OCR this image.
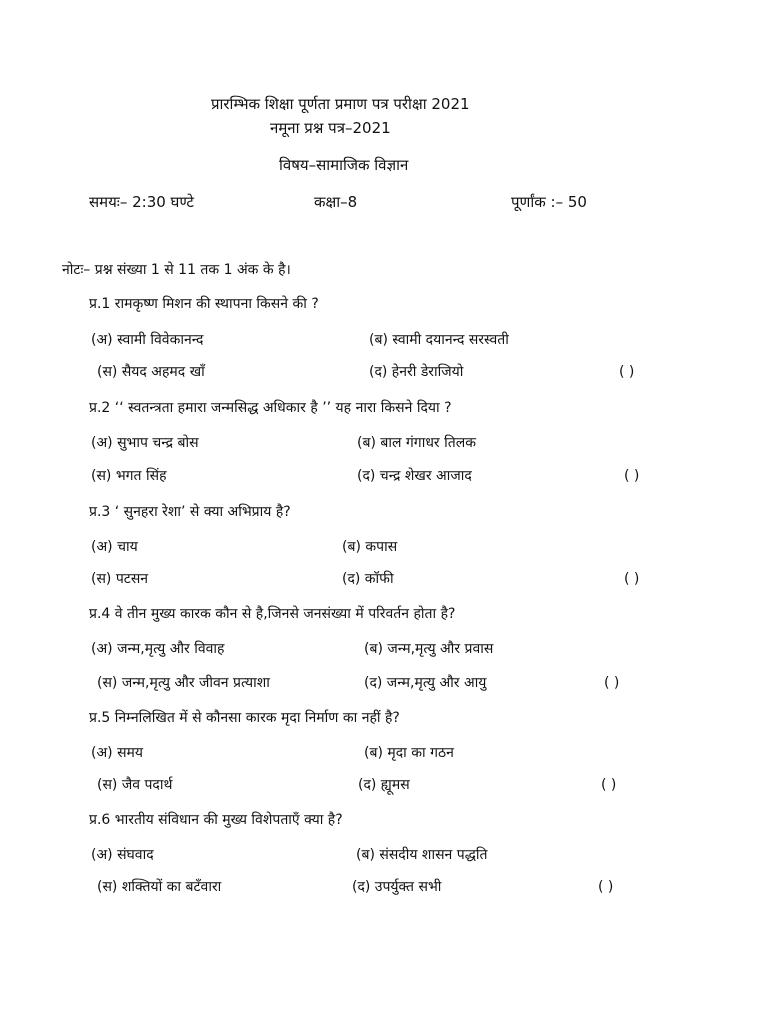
प्रारम्भिक शिक्षा पूर्णता प्रमाण पत्र परीक्षा 2021
नमूना प्रश्न पत्र–2021
विषय–सामाजिक विज्ञान
समयः– 2:30 घण्टे	कक्षा–8	पूर्णांक :– 50
नोटः– प्रश्न संख्या 1 से 11 तक 1 अंक के है।
प्र.1 रामकृष्ण मिशन की स्थापना किसने की ?
(अ) स्वामी विवेकानन्द	(ब) स्वामी दयानन्द सरस्वती
(स) सैयद अहमद खाँ	(द) हेनरी डेराजियो	( )
प्र.2 ‘‘ स्वतन्त्रता हमारा जन्मसिद्ध अधिकार है ’’ यह नारा किसने दिया ?
(अ) सुभाप चन्द्र बोस	(ब) बाल गंगाधर तिलक
(स) भगत सिंह	(द) चन्द्र शेखर आजाद	( )
प्र.3 ‘ सुनहरा रेशा’ से क्या अभिप्राय है?
(अ) चाय	(ब) कपास
(स) पटसन	(द) कॉफी	( )
प्र.4 वे तीन मुख्य कारक कौन से है,जिनसे जनसंख्या में परिवर्तन होता है?
(अ) जन्म,मृत्यु और विवाह	(ब) जन्म,मृत्यु और प्रवास
(स) जन्म,मृत्यु और जीवन प्रत्याशा	(द) जन्म,मृत्यु और आयु	( )
प्र.5 निम्नलिखित में से कौनसा कारक मृदा निर्माण का नहीं है?
(अ) समय	(ब) मृदा का गठन
(स) जैव पदार्थ	(द) ह्यूमस	( )
प्र.6 भारतीय संविधान की मुख्य विशेपताएँ क्या है?
(अ) संघवाद	(ब) संसदीय शासन पद्धति
(स) शक्तियों का बटँवारा	(द) उपर्युक्त सभी	( )
